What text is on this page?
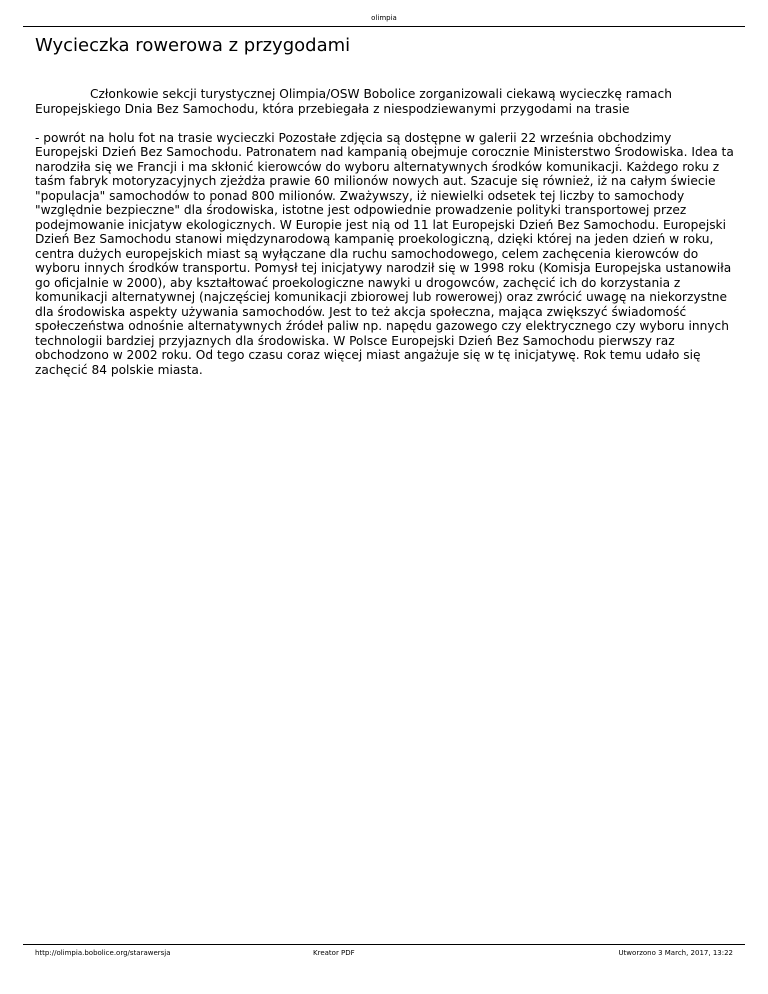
olimpia
Wycieczka rowerowa z przygodami

Członkowie sekcji turystycznej Olimpia/OSW Bobolice zorganizowali ciekawą wycieczkę ramach Europejskiego Dnia Bez Samochodu, która przebiegała z niespodziewanymi przygodami na trasie

- powrót na holu fot na trasie wycieczki Pozostałe zdjęcia są dostępne w galerii 22 września obchodzimy Europejski Dzień Bez Samochodu. Patronatem nad kampanią obejmuje corocznie Ministerstwo Środowiska. Idea ta narodziła się we Francji i ma skłonić kierowców do wyboru alternatywnych środków komunikacji. Każdego roku z taśm fabryk motoryzacyjnych zjeżdża prawie 60 milionów nowych aut. Szacuje się również, iż na całym świecie "populacja" samochodów to ponad 800 milionów. Zważywszy, iż niewielki odsetek tej liczby to samochody "względnie bezpieczne" dla środowiska, istotne jest odpowiednie prowadzenie polityki transportowej przez podejmowanie inicjatyw ekologicznych. W Europie jest nią od 11 lat Europejski Dzień Bez Samochodu. Europejski Dzień Bez Samochodu stanowi międzynarodową kampanię proekologiczną, dzięki której na jeden dzień w roku, centra dużych europejskich miast są wyłączane dla ruchu samochodowego, celem zachęcenia kierowców do wyboru innych środków transportu. Pomysł tej inicjatywy narodził się w 1998 roku (Komisja Europejska ustanowiła go oficjalnie w 2000), aby kształtować proekologiczne nawyki u drogowców, zachęcić ich do korzystania z komunikacji alternatywnej (najczęściej komunikacji zbiorowej lub rowerowej) oraz zwrócić uwagę na niekorzystne dla środowiska aspekty używania samochodów. Jest to też akcja społeczna, mająca zwiększyć świadomość społeczeństwa odnośnie alternatywnych źródeł paliw np. napędu gazowego czy elektrycznego czy wyboru innych technologii bardziej przyjaznych dla środowiska. W Polsce Europejski Dzień Bez Samochodu pierwszy raz obchodzono w 2002 roku. Od tego czasu coraz więcej miast angażuje się w tę inicjatywę. Rok temu udało się zachęcić 84 polskie miasta.

http://olimpia.bobolice.org/starawersja	Kreator PDF	Utworzono 3 March, 2017, 13:22
